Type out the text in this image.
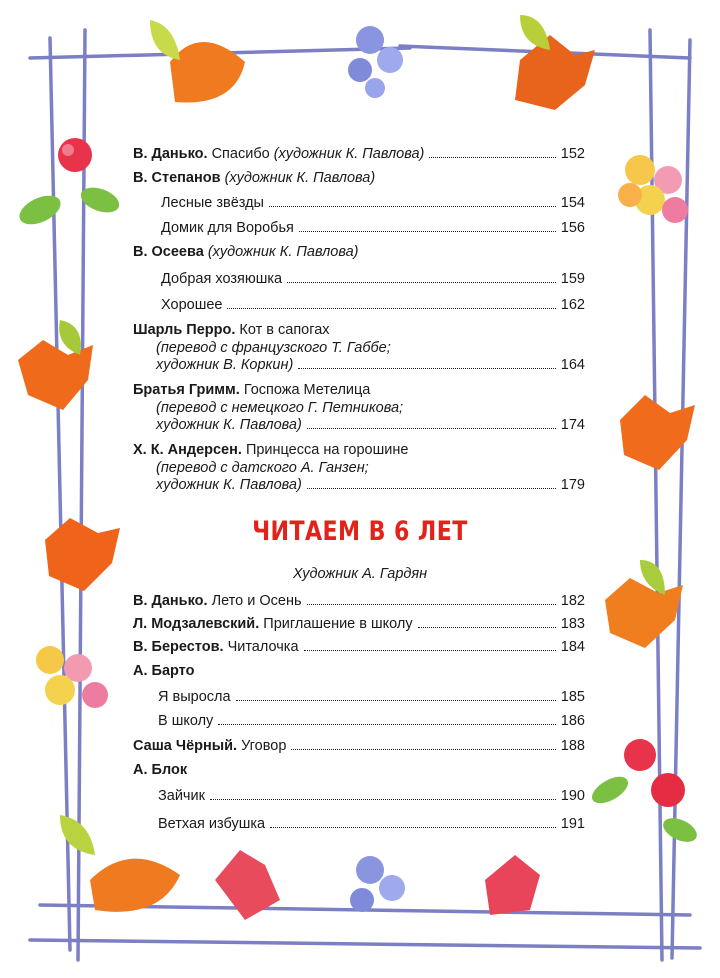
В. Данько. Спасибо (художник К. Павлова)	152
В. Степанов (художник К. Павлова)
Лесные звёзды	154
Домик для Воробья	156
В. Осеева (художник К. Павлова)
Добрая хозяюшка	159
Хорошее	162
Шарль Перро. Кот в сапогах
(перевод с французского Т. Габбе;
художник В. Коркин)	164
Братья Гримм. Госпожа Метелица
(перевод с немецкого Г. Петникова;
художник К. Павлова)	174
Х. К. Андерсен. Принцесса на горошине
(перевод с датского А. Ганзен;
художник К. Павлова)	179
ЧИТАЕМ В 6 ЛЕТ
Художник А. Гардян
В. Данько. Лето и Осень	182
Л. Модзалевский. Приглашение в школу	183
В. Берестов. Читалочка	184
А. Барто
Я выросла	185
В школу	186
Саша Чёрный. Уговор	188
А. Блок
Зайчик	190
Ветхая избушка	191
